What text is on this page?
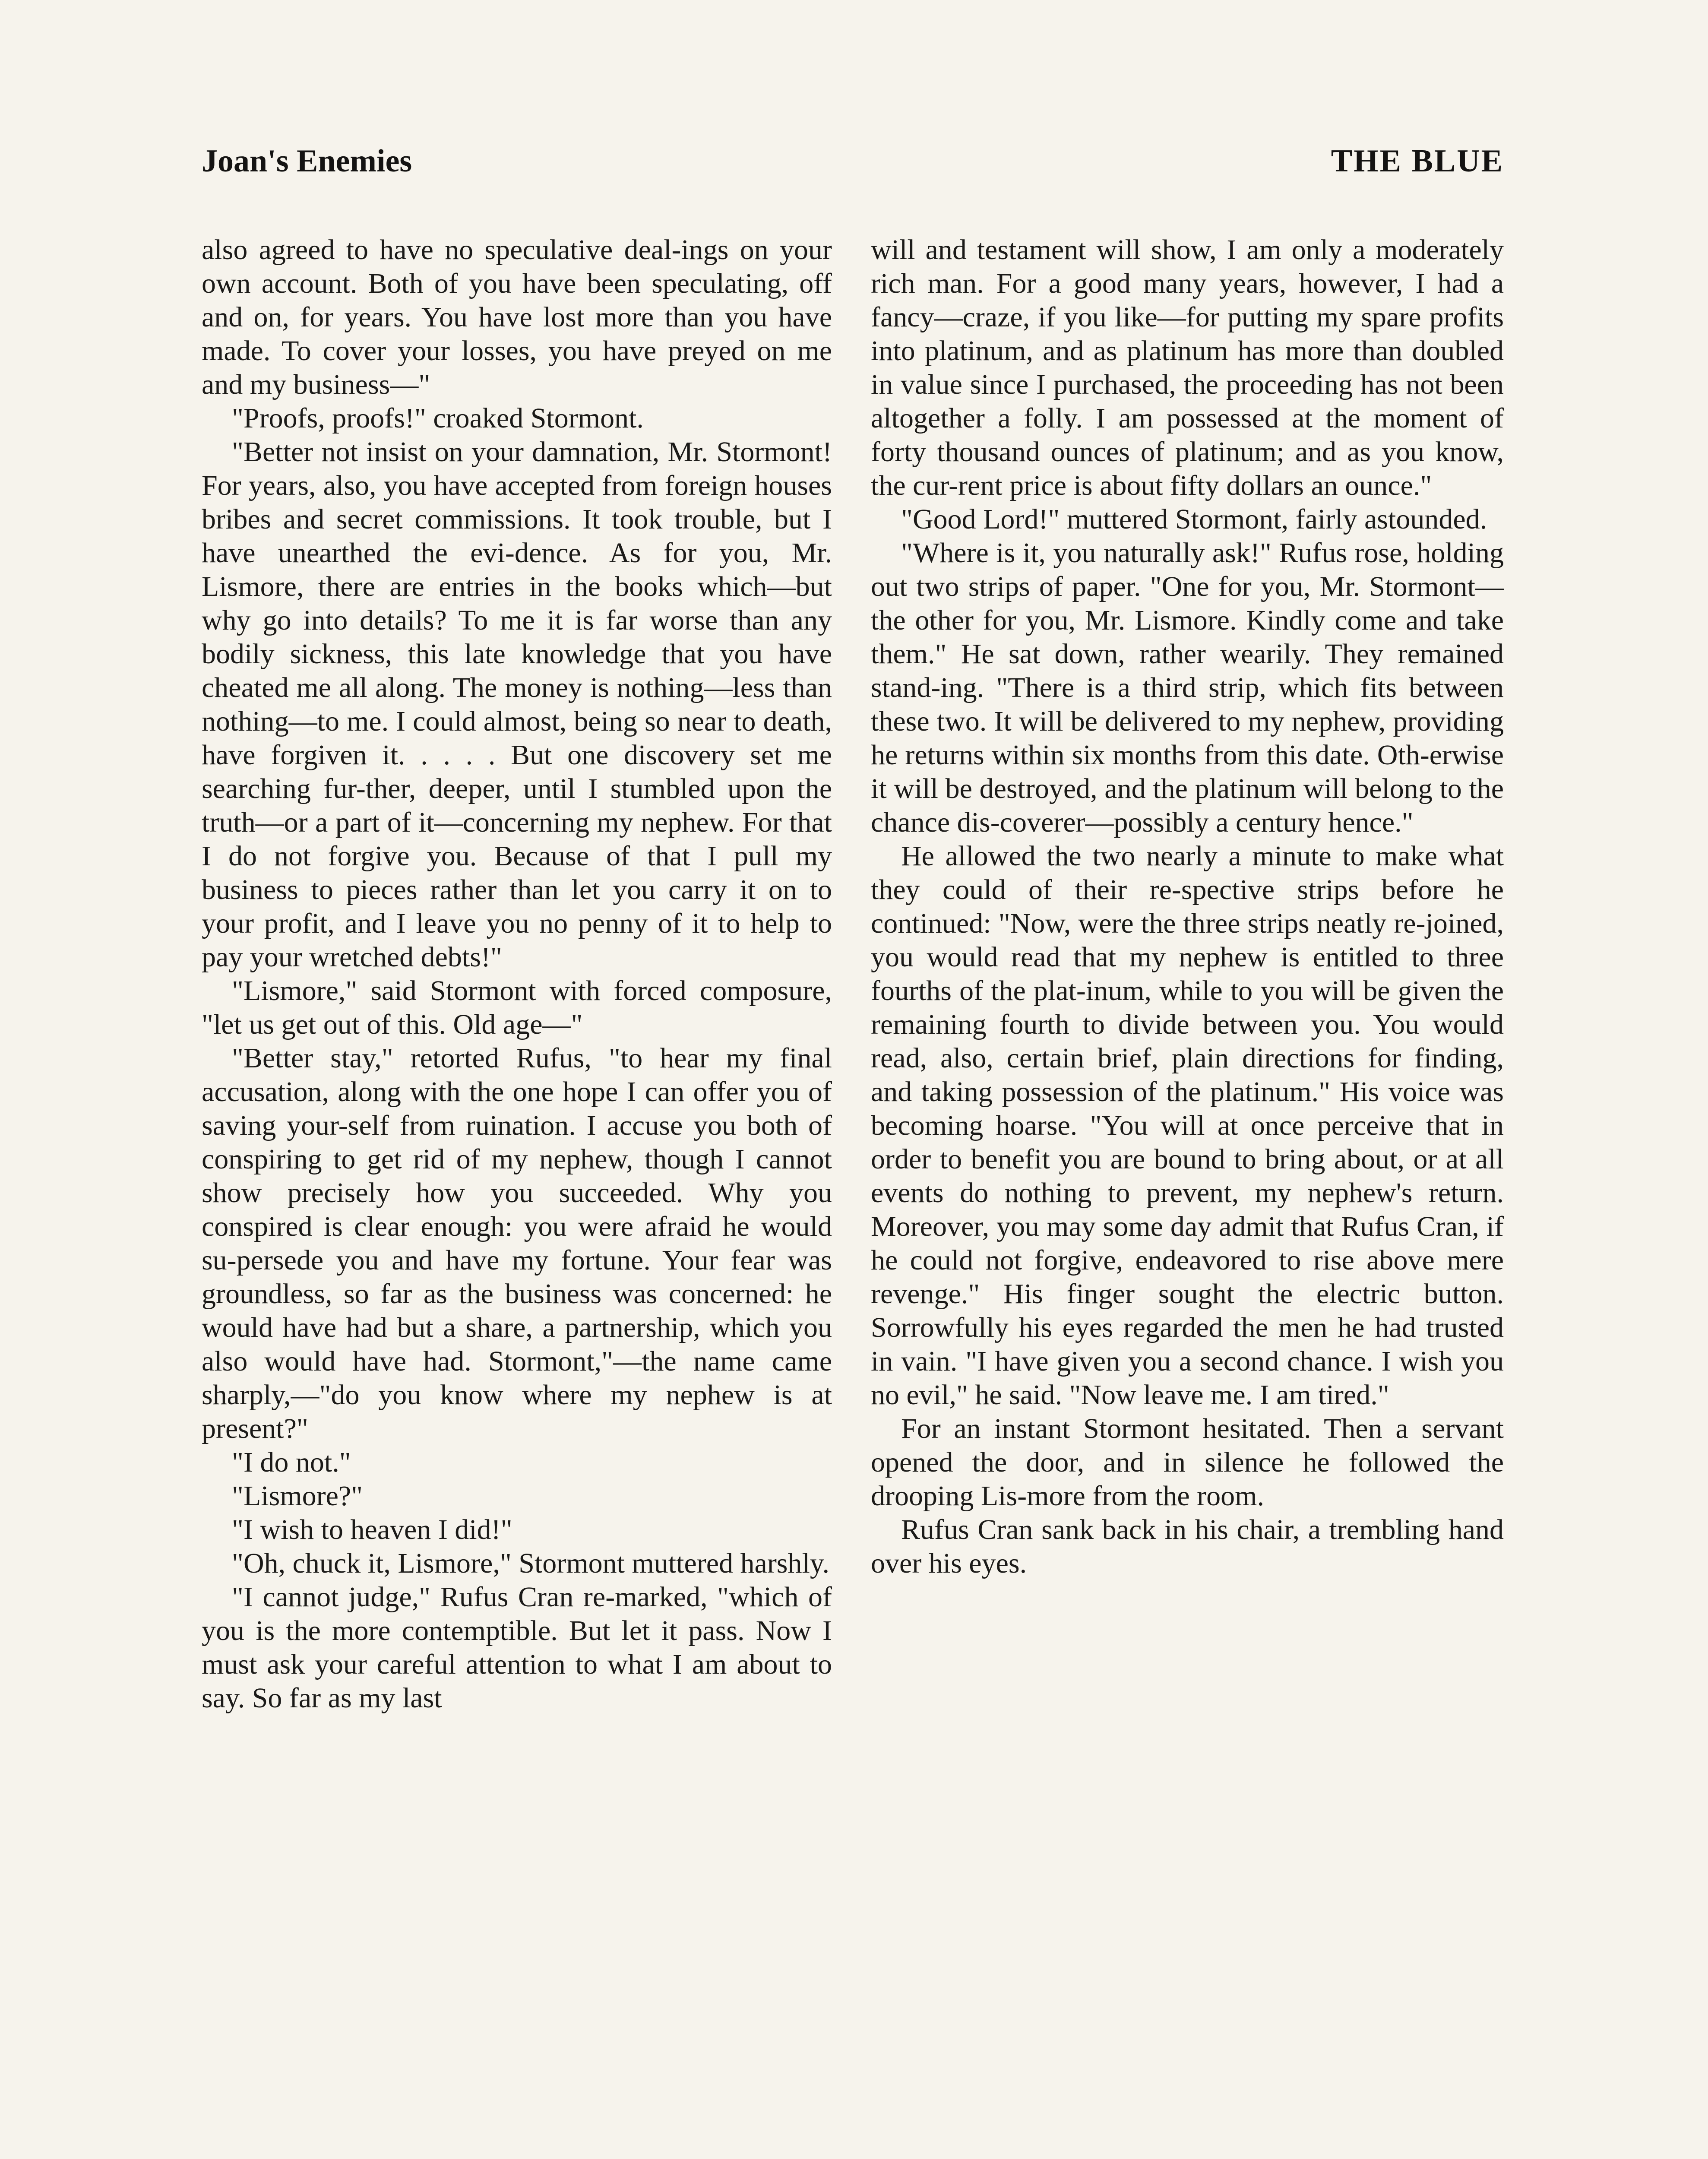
Joan's Enemies	THE BLUE

also agreed to have no speculative deal-ings on your own account. Both of you have been speculating, off and on, for years. You have lost more than you have made. To cover your losses, you have preyed on me and my business—"

"Proofs, proofs!" croaked Stormont.

"Better not insist on your damnation, Mr. Stormont! For years, also, you have accepted from foreign houses bribes and secret commissions. It took trouble, but I have unearthed the evi-dence. As for you, Mr. Lismore, there are entries in the books which—but why go into details? To me it is far worse than any bodily sickness, this late knowledge that you have cheated me all along. The money is nothing—less than nothing—to me. I could almost, being so near to death, have forgiven it. . . . . But one discovery set me searching fur-ther, deeper, until I stumbled upon the truth—or a part of it—concerning my nephew. For that I do not forgive you. Because of that I pull my business to pieces rather than let you carry it on to your profit, and I leave you no penny of it to help to pay your wretched debts!"

"Lismore," said Stormont with forced composure, "let us get out of this. Old age—"

"Better stay," retorted Rufus, "to hear my final accusation, along with the one hope I can offer you of saving your-self from ruination. I accuse you both of conspiring to get rid of my nephew, though I cannot show precisely how you succeeded. Why you conspired is clear enough: you were afraid he would su-persede you and have my fortune. Your fear was groundless, so far as the business was concerned: he would have had but a share, a partnership, which you also would have had. Stormont,"—the name came sharply,—"do you know where my nephew is at present?"

"I do not."

"Lismore?"

"I wish to heaven I did!"

"Oh, chuck it, Lismore," Stormont muttered harshly.

"I cannot judge," Rufus Cran re-marked, "which of you is the more contemptible. But let it pass. Now I must ask your careful attention to what I am about to say. So far as my last

will and testament will show, I am only a moderately rich man. For a good many years, however, I had a fancy—craze, if you like—for putting my spare profits into platinum, and as platinum has more than doubled in value since I purchased, the proceeding has not been altogether a folly. I am possessed at the moment of forty thousand ounces of platinum; and as you know, the cur-rent price is about fifty dollars an ounce."

"Good Lord!" muttered Stormont, fairly astounded.

"Where is it, you naturally ask!" Rufus rose, holding out two strips of paper. "One for you, Mr. Stormont—the other for you, Mr. Lismore. Kindly come and take them." He sat down, rather wearily. They remained stand-ing. "There is a third strip, which fits between these two. It will be delivered to my nephew, providing he returns within six months from this date. Oth-erwise it will be destroyed, and the platinum will belong to the chance dis-coverer—possibly a century hence."

He allowed the two nearly a minute to make what they could of their re-spective strips before he continued: "Now, were the three strips neatly re-joined, you would read that my nephew is entitled to three fourths of the plat-inum, while to you will be given the remaining fourth to divide between you. You would read, also, certain brief, plain directions for finding, and taking possession of the platinum." His voice was becoming hoarse. "You will at once perceive that in order to benefit you are bound to bring about, or at all events do nothing to prevent, my nephew's return. Moreover, you may some day admit that Rufus Cran, if he could not forgive, endeavored to rise above mere revenge." His finger sought the electric button. Sorrowfully his eyes regarded the men he had trusted in vain. "I have given you a second chance. I wish you no evil," he said. "Now leave me. I am tired."

For an instant Stormont hesitated. Then a servant opened the door, and in silence he followed the drooping Lis-more from the room.

Rufus Cran sank back in his chair, a trembling hand over his eyes.
